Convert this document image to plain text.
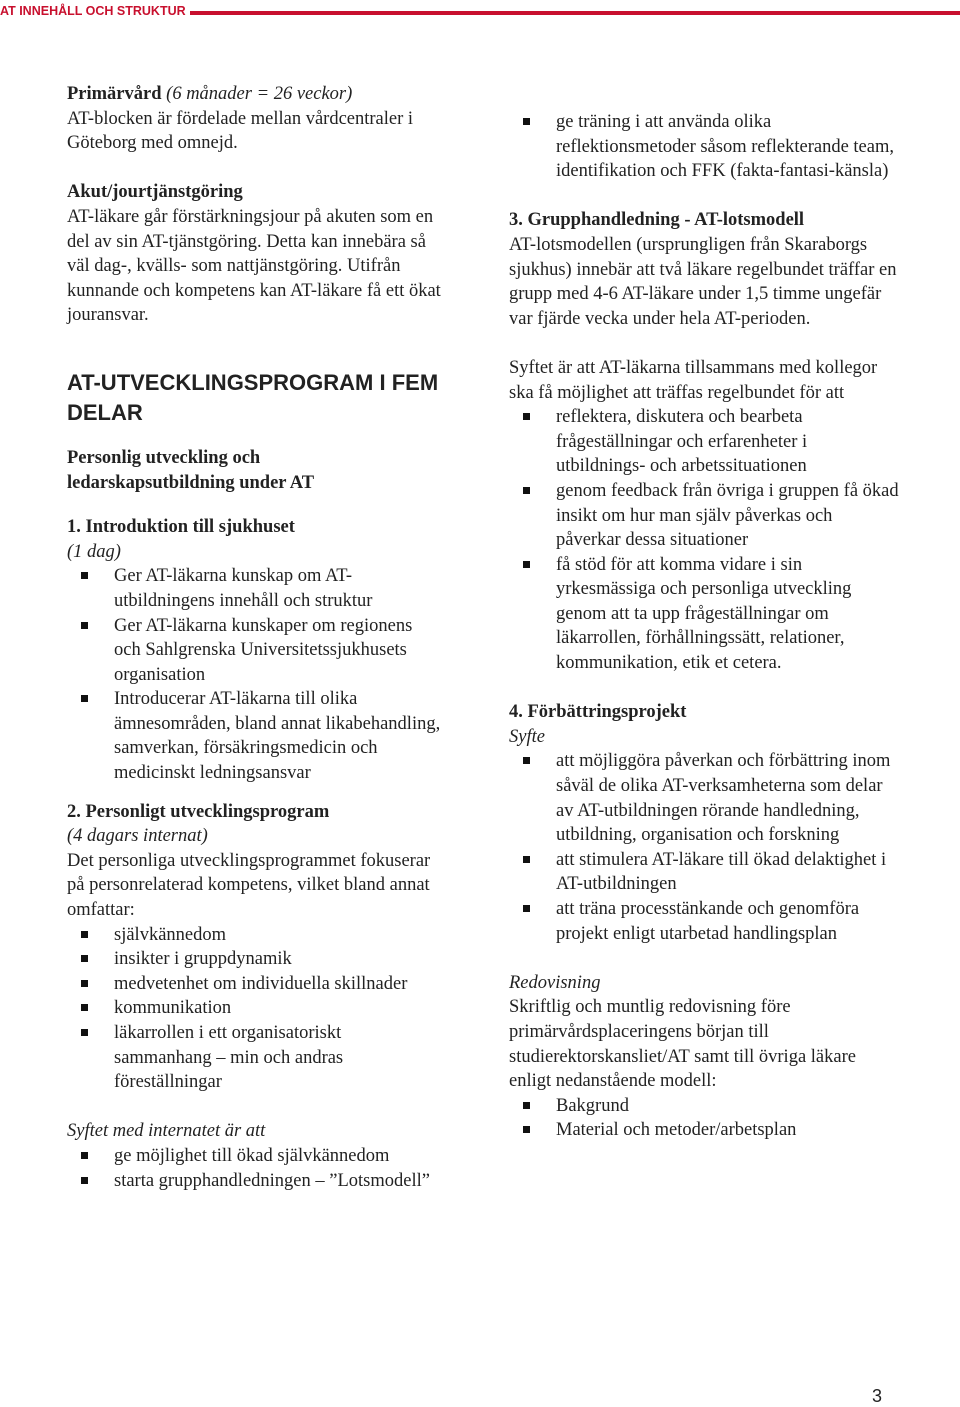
AT INNEHÅLL OCH STRUKTUR

Primärvård (6 månader = 26 veckor)

AT-blocken är fördelade mellan vårdcentraler i Göteborg med omnejd.

Akut/jourtjänstgöring

AT-läkare går förstärkningsjour på akuten som en del av sin AT-tjänstgöring. Detta kan innebära så väl dag-, kvälls- som nattjänstgöring. Utifrån kunnande och kompetens kan AT-läkare få ett ökat jouransvar.

AT-UTVECKLINGSPROGRAM I FEM DELAR

Personlig utveckling och ledarskapsutbildning under AT

1. Introduktion till sjukhuset

(1 dag)

Ger AT-läkarna kunskap om AT-utbildningens innehåll och struktur
Ger AT-läkarna kunskaper om regionens och Sahlgrenska Universitetssjukhusets organisation
Introducerar AT-läkarna till olika ämnesområden, bland annat likabehandling, samverkan, försäkringsmedicin och medicinskt ledningsansvar

2. Personligt utvecklingsprogram

(4 dagars internat)

Det personliga utvecklingsprogrammet fokuserar på personrelaterad kompetens, vilket bland annat omfattar:

självkännedom
insikter i gruppdynamik
medvetenhet om individuella skillnader
kommunikation
läkarrollen i ett organisatoriskt sammanhang – min och andras föreställningar

Syftet med internatet är att

ge möjlighet till ökad självkännedom
starta grupphandledningen – ”Lotsmodell”
ge träning i att använda olika reflektionsmetoder såsom reflekterande team, identifikation och FFK (fakta-fantasi-känsla)

3. Grupphandledning - AT-lotsmodell

AT-lotsmodellen (ursprungligen från Skaraborgs sjukhus) innebär att två läkare regelbundet träffar en grupp med 4-6 AT-läkare under 1,5 timme ungefär var fjärde vecka under hela AT-perioden.

Syftet är att AT-läkarna tillsammans med kollegor ska få möjlighet att träffas regelbundet för att

reflektera, diskutera och bearbeta frågeställningar och erfarenheter i utbildnings- och arbetssituationen
genom feedback från övriga i gruppen få ökad insikt om hur man själv påverkas och påverkar dessa situationer
få stöd för att komma vidare i sin yrkesmässiga och personliga utveckling genom att ta upp frågeställningar om läkarrollen, förhållningssätt, relationer, kommunikation, etik et cetera.

4. Förbättringsprojekt

Syfte

att möjliggöra påverkan och förbättring inom såväl de olika AT-verksamheterna som delar av AT-utbildningen rörande handledning, utbildning, organisation och forskning
att stimulera AT-läkare till ökad delaktighet i AT-utbildningen
att träna processtänkande och genomföra projekt enligt utarbetad handlingsplan

Redovisning

Skriftlig och muntlig redovisning före primärvårdsplaceringens början till studierektorskansliet/AT samt till övriga läkare enligt nedanstående modell:

Bakgrund
Material och metoder/arbetsplan
3
